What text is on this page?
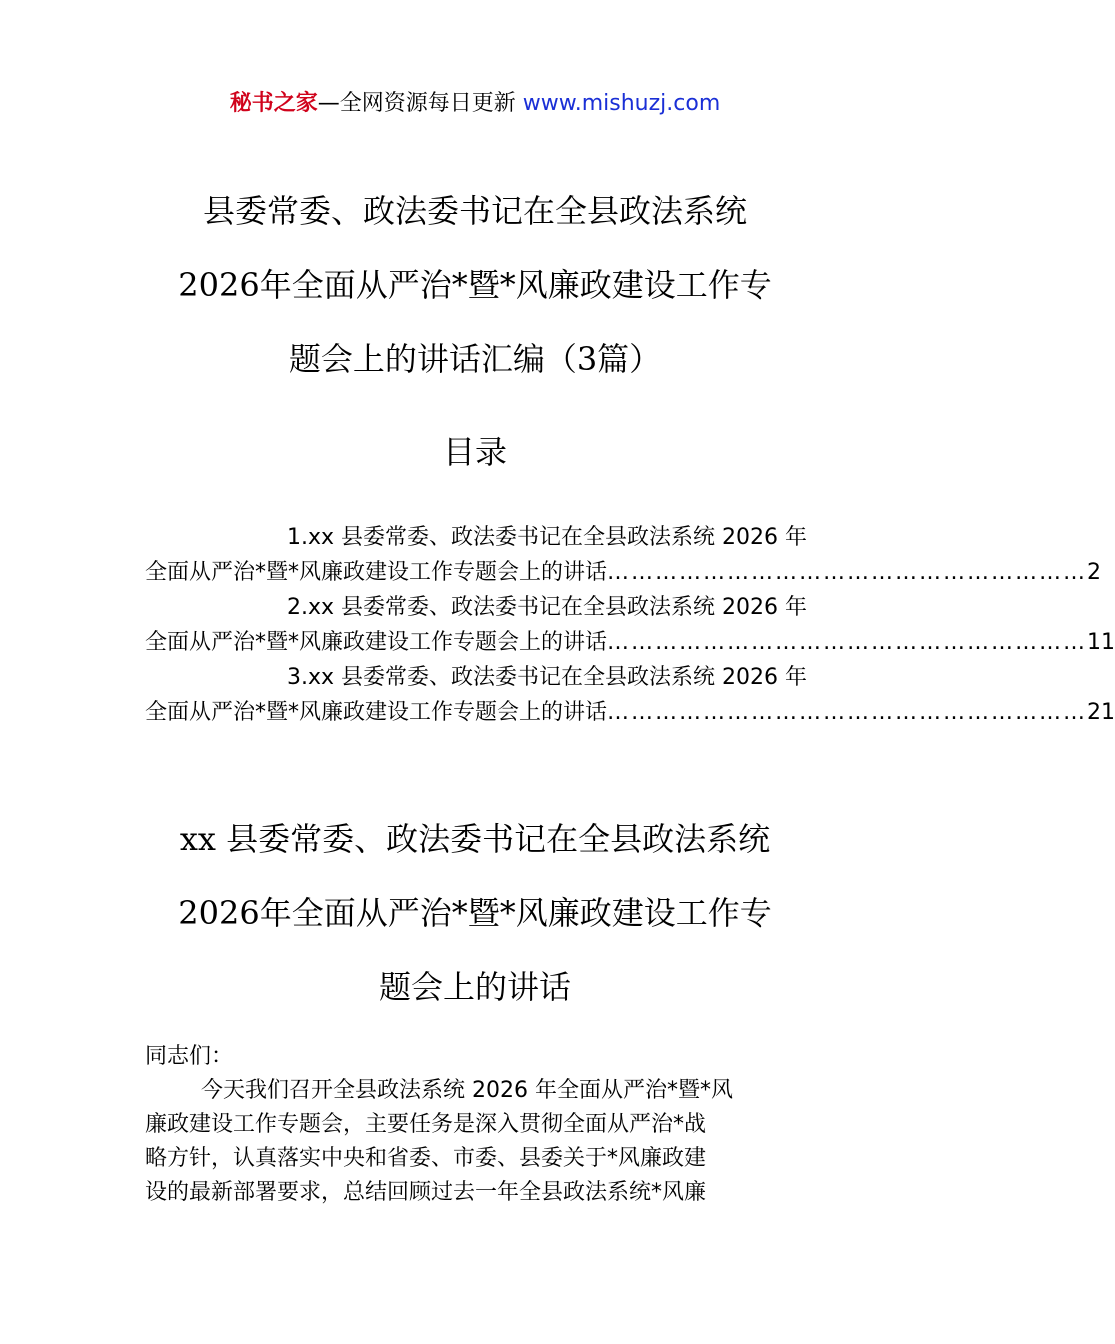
秘书之家—全网资源每日更新 www.mishuzj.com
县委常委、政法委书记在全县政法系统
2026年全面从严治*暨*风廉政建设工作专
题会上的讲话汇编（3篇）
目录
1.xx 县委常委、政法委书记在全县政法系统 2026 年
全面从严治*暨*风廉政建设工作专题会上的讲话 …………………………………………………… 2
2.xx 县委常委、政法委书记在全县政法系统 2026 年
全面从严治*暨*风廉政建设工作专题会上的讲话 …………………………………………………… 11
3.xx 县委常委、政法委书记在全县政法系统 2026 年
全面从严治*暨*风廉政建设工作专题会上的讲话 …………………………………………………… 21
xx 县委常委、政法委书记在全县政法系统
2026年全面从严治*暨*风廉政建设工作专
题会上的讲话
同志们：
今天我们召开全县政法系统 2026 年全面从严治*暨*风
廉政建设工作专题会，主要任务是深入贯彻全面从严治*战
略方针，认真落实中央和省委、市委、县委关于*风廉政建
设的最新部署要求，总结回顾过去一年全县政法系统*风廉
